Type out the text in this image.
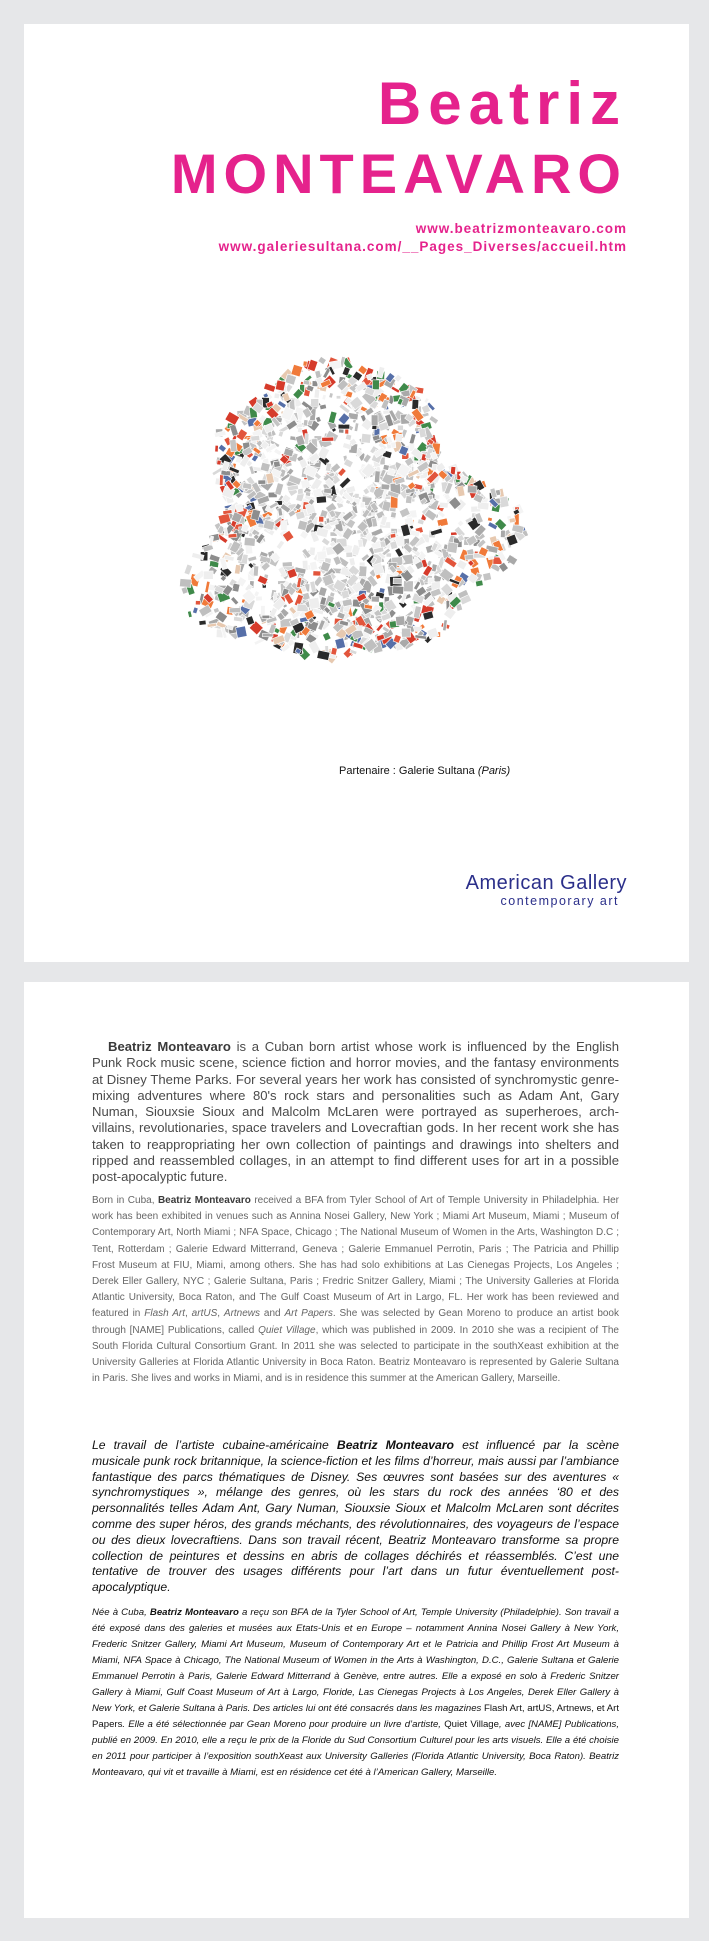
Beatriz
MONTEAVARO
www.beatrizmonteavaro.com
www.galeriesultana.com/__Pages_Diverses/accueil.htm
Partenaire : Galerie Sultana (Paris)
American Gallery
contemporary art

Beatriz Monteavaro is a Cuban born artist whose work is influenced by the English Punk Rock music scene, science fiction and horror movies, and the fantasy environments at Disney Theme Parks. For several years her work has consisted of synchromystic genre-mixing adventures where 80's rock stars and personalities such as Adam Ant, Gary Numan, Siouxsie Sioux and Malcolm McLaren were portrayed as superheroes, arch-villains, revolutionaries, space travelers and Lovecraftian gods. In her recent work she has taken to reappropriating her own collection of paintings and drawings into shelters and ripped and reassembled collages, in an attempt to find different uses for art in a possible post-apocalyptic future.

Born in Cuba, Beatriz Monteavaro received a BFA from Tyler School of Art of Temple University in Philadelphia. Her work has been exhibited in venues such as Annina Nosei Gallery, New York ; Miami Art Museum, Miami ; Museum of Contemporary Art, North Miami ; NFA Space, Chicago ; The National Museum of Women in the Arts, Washington D.C ; Tent, Rotterdam ; Galerie Edward Mitterrand, Geneva ; Galerie Emmanuel Perrotin, Paris ; The Patricia and Phillip Frost Museum at FIU, Miami, among others. She has had solo exhibitions at Las Cienegas Projects, Los Angeles ; Derek Eller Gallery, NYC ; Galerie Sultana, Paris ; Fredric Snitzer Gallery, Miami ; The University Galleries at Florida Atlantic University, Boca Raton, and The Gulf Coast Museum of Art in Largo, FL. Her work has been reviewed and featured in Flash Art, artUS, Artnews and Art Papers. She was selected by Gean Moreno to produce an artist book through [NAME] Publications, called Quiet Village, which was published in 2009. In 2010 she was a recipient of The South Florida Cultural Consortium Grant. In 2011 she was selected to participate in the southXeast exhibition at the University Galleries at Florida Atlantic University in Boca Raton. Beatriz Monteavaro is represented by Galerie Sultana in Paris. She lives and works in Miami, and is in residence this summer at the American Gallery, Marseille.

Le travail de l’artiste cubaine-américaine Beatriz Monteavaro est influencé par la scène musicale punk rock britannique, la science-fiction et les films d’horreur, mais aussi par l’ambiance fantastique des parcs thématiques de Disney. Ses œuvres sont basées sur des aventures « synchromystiques », mélange des genres, où les stars du rock des années ‘80 et des personnalités telles Adam Ant, Gary Numan, Siouxsie Sioux et Malcolm McLaren sont décrites comme des super héros, des grands méchants, des révolutionnaires, des voyageurs de l’espace ou des dieux lovecraftiens. Dans son travail récent, Beatriz Monteavaro transforme sa propre collection de peintures et dessins en abris de collages déchirés et réassemblés. C’est une tentative de trouver des usages différents pour l’art dans un futur éventuellement post-apocalyptique.

Née à Cuba, Beatriz Monteavaro a reçu son BFA de la Tyler School of Art, Temple University (Philadelphie). Son travail a été exposé dans des galeries et musées aux Etats-Unis et en Europe – notamment Annina Nosei Gallery à New York, Frederic Snitzer Gallery, Miami Art Museum, Museum of Contemporary Art et le Patricia and Phillip Frost Art Museum à Miami, NFA Space à Chicago, The National Museum of Women in the Arts à Washington, D.C., Galerie Sultana et Galerie Emmanuel Perrotin à Paris, Galerie Edward Mitterrand à Genève, entre autres. Elle a exposé en solo à Frederic Snitzer Gallery à Miami, Gulf Coast Museum of Art à Largo, Floride, Las Cienegas Projects à Los Angeles, Derek Eller Gallery à New York, et Galerie Sultana à Paris. Des articles lui ont été consacrés dans les magazines Flash Art, artUS, Artnews, et Art Papers. Elle a été sélectionnée par Gean Moreno pour produire un livre d’artiste, Quiet Village, avec [NAME] Publications, publié en 2009. En 2010, elle a reçu le prix de la Floride du Sud Consortium Culturel pour les arts visuels. Elle a été choisie en 2011 pour participer à l’exposition southXeast aux University Galleries (Florida Atlantic University, Boca Raton). Beatriz Monteavaro, qui vit et travaille à Miami, est en résidence cet été à l’American Gallery, Marseille.
